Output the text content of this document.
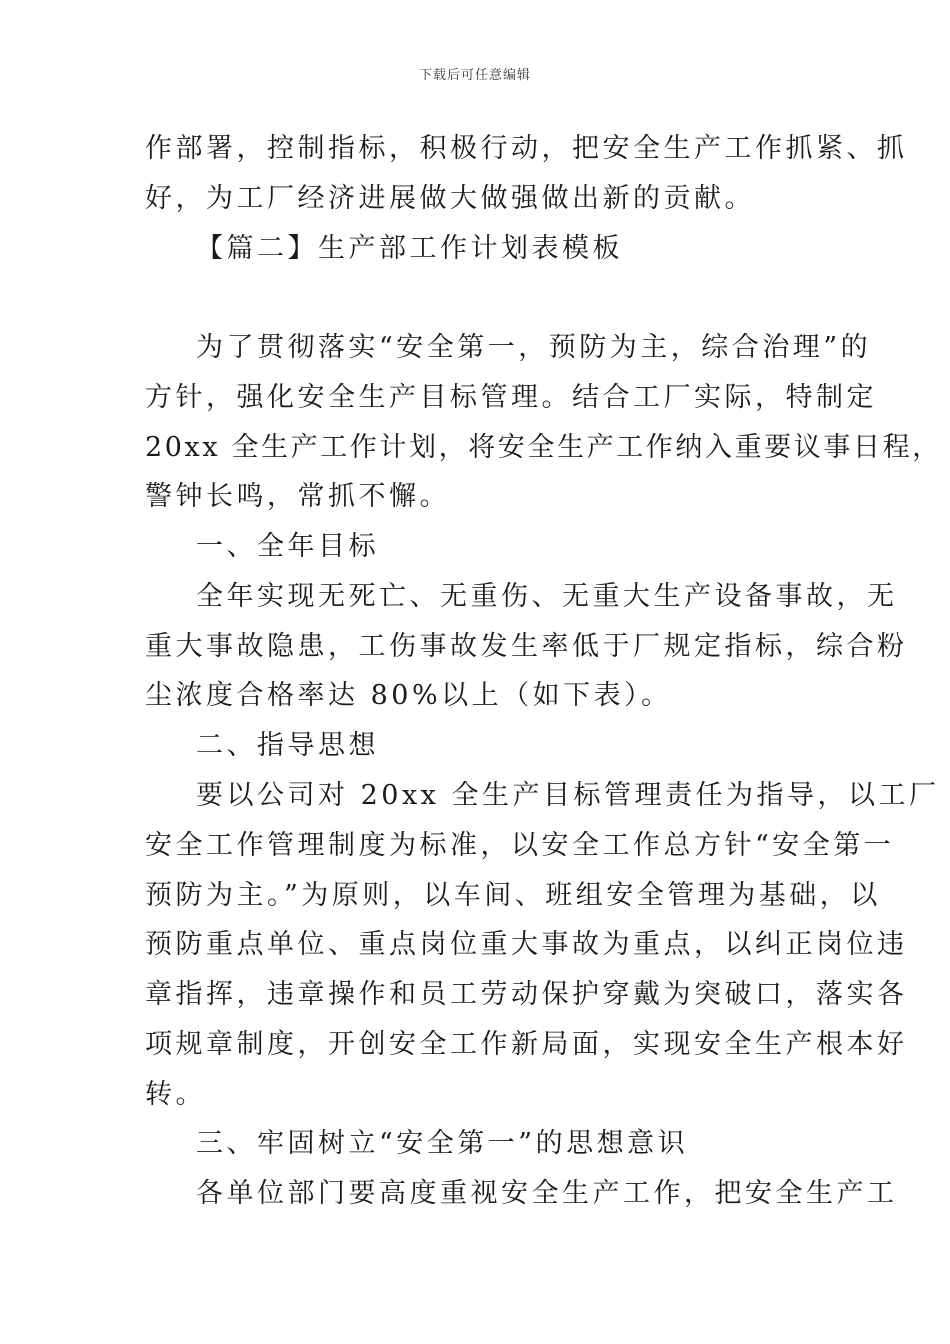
下载后可任意编辑
作部署，控制指标，积极行动，把安全生产工作抓紧、抓
好，为工厂经济进展做大做强做出新的贡献。
【篇二】生产部工作计划表模板
为了贯彻落实“安全第一，预防为主，综合治理”的
方针，强化安全生产目标管理。结合工厂实际，特制定
20xx 全生产工作计划，将安全生产工作纳入重要议事日程，
警钟长鸣，常抓不懈。
一、全年目标
全年实现无死亡、无重伤、无重大生产设备事故，无
重大事故隐患，工伤事故发生率低于厂规定指标，综合粉
尘浓度合格率达 80%以上（如下表）。
二、指导思想
要以公司对 20xx 全生产目标管理责任为指导，以工厂
安全工作管理制度为标准，以安全工作总方针“安全第一
预防为主。”为原则，以车间、班组安全管理为基础，以
预防重点单位、重点岗位重大事故为重点，以纠正岗位违
章指挥，违章操作和员工劳动保护穿戴为突破口，落实各
项规章制度，开创安全工作新局面，实现安全生产根本好
转。
三、牢固树立“安全第一”的思想意识
各单位部门要高度重视安全生产工作，把安全生产工
